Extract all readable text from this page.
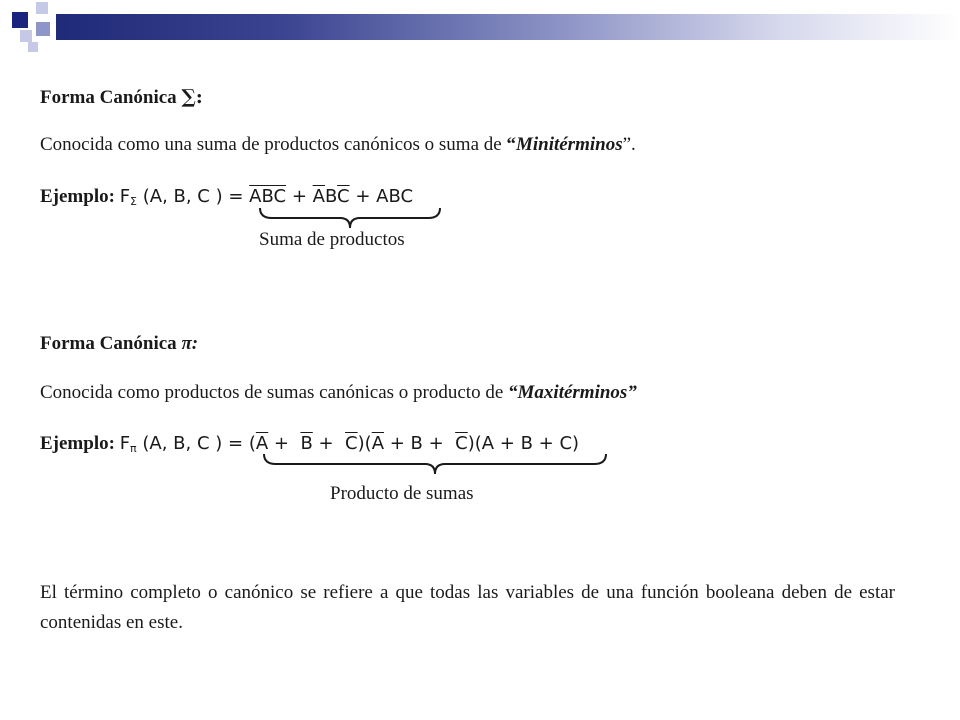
Forma Canónica ∑:
Conocida como una suma de productos canónicos o suma de “Minitérminos”.
Ejemplo: $F_\Sigma$ (A, B, C ) = $\overline{ABC} + \overline{A}B\overline{C}$ + ABC
Suma de productos
Forma Canónica π:
Conocida como productos de sumas canónicas o producto de “Maxitérminos”
Ejemplo: $F_\pi$ (A, B, C ) = $(\overline{A} + \overline{B} + \overline{C})(\overline{A} + B + \overline{C})(A + B + C)$
Producto de sumas
El término completo o canónico se refiere a que todas las variables de una función booleana deben de estar contenidas en este.
